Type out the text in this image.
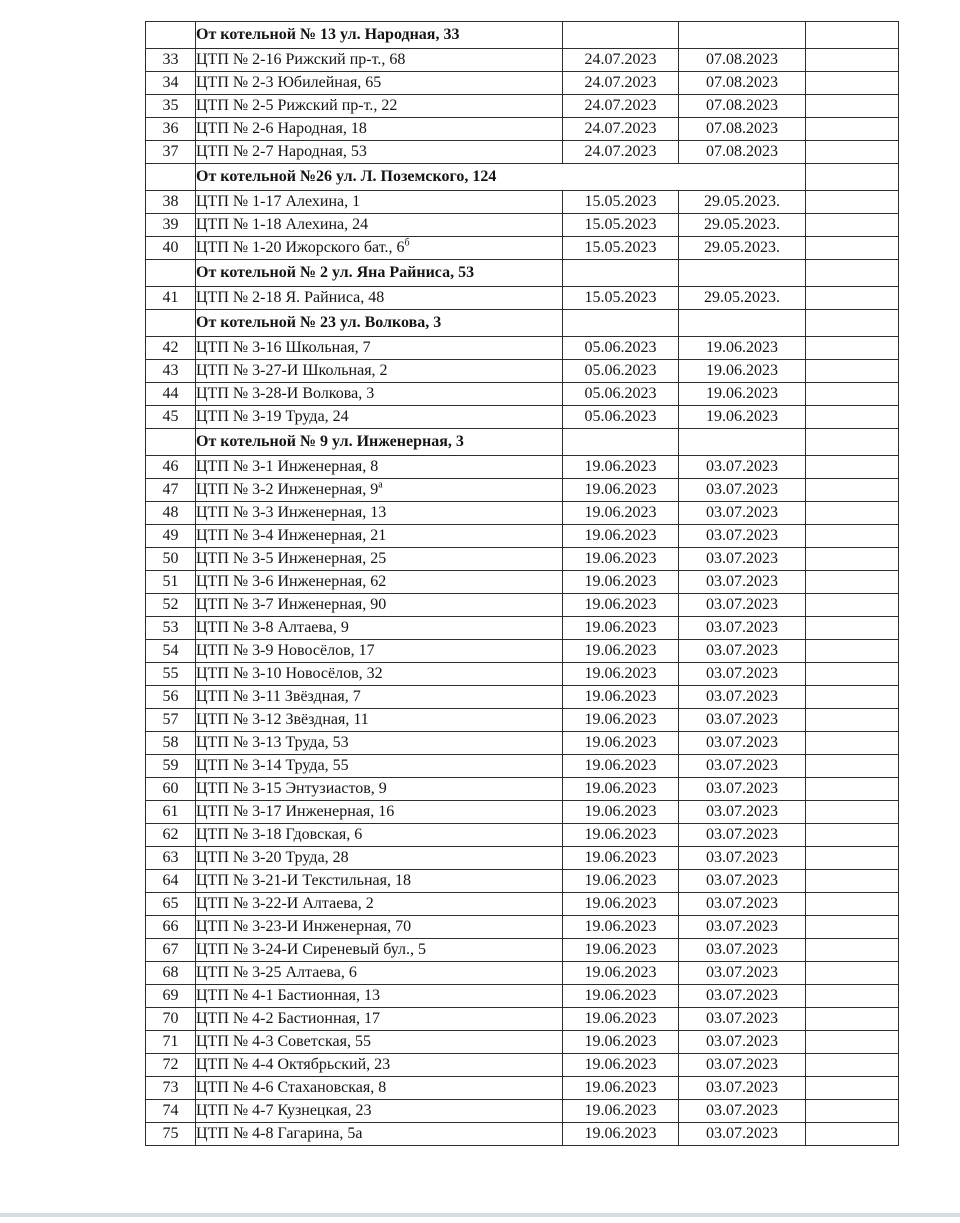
	От котельной № 13 ул. Народная, 33			
33	ЦТП № 2-16 Рижский пр-т., 68	24.07.2023	07.08.2023	
34	ЦТП № 2-3 Юбилейная, 65	24.07.2023	07.08.2023	
35	ЦТП № 2-5 Рижский пр-т., 22	24.07.2023	07.08.2023	
36	ЦТП № 2-6 Народная, 18	24.07.2023	07.08.2023	
37	ЦТП № 2-7 Народная, 53	24.07.2023	07.08.2023	
	От котельной №26 ул. Л. Поземского, 124			
38	ЦТП № 1-17 Алехина, 1	15.05.2023	29.05.2023.	
39	ЦТП № 1-18 Алехина, 24	15.05.2023	29.05.2023.	
40	ЦТП № 1-20 Ижорского бат., $6^б$	15.05.2023	29.05.2023.	
	От котельной № 2 ул. Яна Райниса, 53			
41	ЦТП № 2-18 Я. Райниса, 48	15.05.2023	29.05.2023.	
	От котельной № 23 ул. Волкова, 3			
42	ЦТП № 3-16 Школьная, 7	05.06.2023	19.06.2023	
43	ЦТП № 3-27-И Школьная, 2	05.06.2023	19.06.2023	
44	ЦТП № 3-28-И Волкова, 3	05.06.2023	19.06.2023	
45	ЦТП № 3-19 Труда, 24	05.06.2023	19.06.2023	
	От котельной № 9 ул. Инженерная, 3			
46	ЦТП № 3-1 Инженерная, 8	19.06.2023	03.07.2023	
47	ЦТП № 3-2 Инженерная, $9^а$	19.06.2023	03.07.2023	
48	ЦТП № 3-3 Инженерная, 13	19.06.2023	03.07.2023	
49	ЦТП № 3-4 Инженерная, 21	19.06.2023	03.07.2023	
50	ЦТП № 3-5 Инженерная, 25	19.06.2023	03.07.2023	
51	ЦТП № 3-6 Инженерная, 62	19.06.2023	03.07.2023	
52	ЦТП № 3-7 Инженерная, 90	19.06.2023	03.07.2023	
53	ЦТП № 3-8 Алтаева, 9	19.06.2023	03.07.2023	
54	ЦТП № 3-9 Новосёлов, 17	19.06.2023	03.07.2023	
55	ЦТП № 3-10 Новосёлов, 32	19.06.2023	03.07.2023	
56	ЦТП № 3-11 Звёздная, 7	19.06.2023	03.07.2023	
57	ЦТП № 3-12 Звёздная, 11	19.06.2023	03.07.2023	
58	ЦТП № 3-13 Труда, 53	19.06.2023	03.07.2023	
59	ЦТП № 3-14 Труда, 55	19.06.2023	03.07.2023	
60	ЦТП № 3-15 Энтузиастов, 9	19.06.2023	03.07.2023	
61	ЦТП № 3-17 Инженерная, 16	19.06.2023	03.07.2023	
62	ЦТП № 3-18 Гдовская, 6	19.06.2023	03.07.2023	
63	ЦТП № 3-20 Труда, 28	19.06.2023	03.07.2023	
64	ЦТП № 3-21-И Текстильная, 18	19.06.2023	03.07.2023	
65	ЦТП № 3-22-И Алтаева, 2	19.06.2023	03.07.2023	
66	ЦТП № 3-23-И Инженерная, 70	19.06.2023	03.07.2023	
67	ЦТП № 3-24-И Сиреневый бул., 5	19.06.2023	03.07.2023	
68	ЦТП № 3-25 Алтаева, 6	19.06.2023	03.07.2023	
69	ЦТП № 4-1 Бастионная, 13	19.06.2023	03.07.2023	
70	ЦТП № 4-2 Бастионная, 17	19.06.2023	03.07.2023	
71	ЦТП № 4-3 Советская, 55	19.06.2023	03.07.2023	
72	ЦТП № 4-4 Октябрьский, 23	19.06.2023	03.07.2023	
73	ЦТП № 4-6 Стахановская, 8	19.06.2023	03.07.2023	
74	ЦТП № 4-7 Кузнецкая, 23	19.06.2023	03.07.2023	
75	ЦТП № 4-8 Гагарина, 5а	19.06.2023	03.07.2023	
